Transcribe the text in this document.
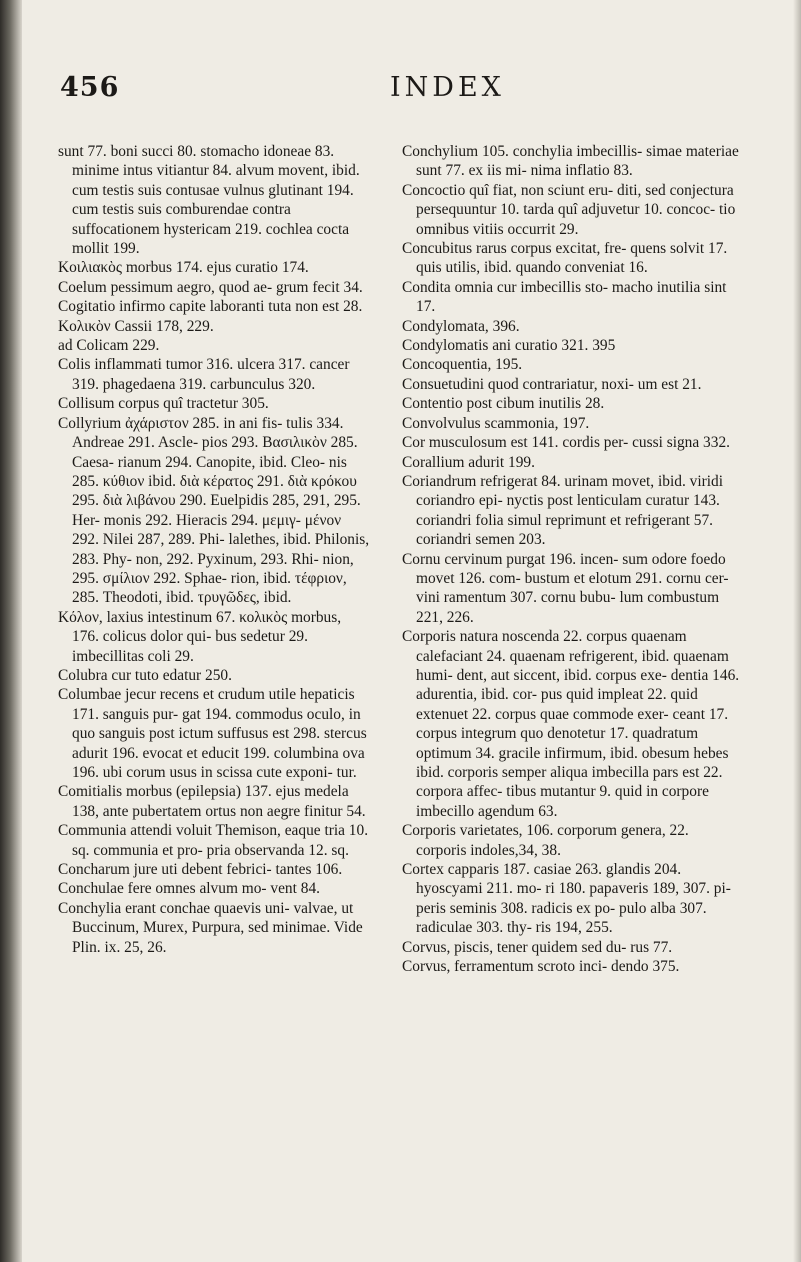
456	INDEX

sunt 77. boni succi 80. stomacho idoneae 83. minime intus vitiantur 84. alvum movent, ibid. cum testis suis contusae vulnus glutinant 194. cum testis suis comburendae contra suffocationem hystericam 219. cochlea cocta mollit 199.

Κοιλιακὸς morbus 174. ejus curatio 174.

Coelum pessimum aegro, quod ae- grum fecit 34.

Cogitatio infirmo capite laboranti tuta non est 28.

Κολικὸν Cassii 178, 229.

ad Colicam 229.

Colis inflammati tumor 316. ulcera 317. cancer 319. phagedaena 319. carbunculus 320.

Collisum corpus quî tractetur 305.

Collyrium ἀχάριστον 285. in ani fis- tulis 334. Andreae 291. Ascle- pios 293. Βασιλικὸν 285. Caesa- rianum 294. Canopite, ibid. Cleo- nis 285. κύθιον ibid. διὰ κέρατος 291. διὰ κρόκου 295. διὰ λιβάνου 290. Euelpidis 285, 291, 295. Her- monis 292. Hieracis 294. μεμιγ- μένον 292. Nilei 287, 289. Phi- lalethes, ibid. Philonis, 283. Phy- non, 292. Pyxinum, 293. Rhi- nion, 295. σμίλιον 292. Sphae- rion, ibid. τέφριον, 285. Theodoti, ibid. τρυγῶδες, ibid.

Κόλον, laxius intestinum 67. κολικὸς morbus, 176. colicus dolor qui- bus sedetur 29. imbecillitas coli 29.

Colubra cur tuto edatur 250.

Columbae jecur recens et crudum utile hepaticis 171. sanguis pur- gat 194. commodus oculo, in quo sanguis post ictum suffusus est 298. stercus adurit 196. evocat et educit 199. columbina ova 196. ubi corum usus in scissa cute exponi- tur.

Comitialis morbus (epilepsia) 137. ejus medela 138, ante pubertatem ortus non aegre finitur 54.

Communia attendi voluit Themison, eaque tria 10. sq. communia et pro- pria observanda 12. sq.

Concharum jure uti debent febrici- tantes 106.

Conchulae fere omnes alvum mo- vent 84.

Conchylia erant conchae quaevis uni- valvae, ut Buccinum, Murex, Purpura, sed minimae. Vide Plin. ix. 25, 26.

Conchylium 105. conchylia imbecillis- simae materiae sunt 77. ex iis mi- nima inflatio 83.

Concoctio quî fiat, non sciunt eru- diti, sed conjectura persequuntur 10. tarda quî adjuvetur 10. concoc- tio omnibus vitiis occurrit 29.

Concubitus rarus corpus excitat, fre- quens solvit 17. quis utilis, ibid. quando conveniat 16.

Condita omnia cur imbecillis sto- macho inutilia sint 17.

Condylomata, 396.

Condylomatis ani curatio 321. 395

Concoquentia, 195.

Consuetudini quod contrariatur, noxi- um est 21.

Contentio post cibum inutilis 28.

Convolvulus scammonia, 197.

Cor musculosum est 141. cordis per- cussi signa 332.

Corallium adurit 199.

Coriandrum refrigerat 84. urinam movet, ibid. viridi coriandro epi- nyctis post lenticulam curatur 143. coriandri folia simul reprimunt et refrigerant 57. coriandri semen 203.

Cornu cervinum purgat 196. incen- sum odore foedo movet 126. com- bustum et elotum 291. cornu cer- vini ramentum 307. cornu bubu- lum combustum 221, 226.

Corporis natura noscenda 22. corpus quaenam calefaciant 24. quaenam refrigerent, ibid. quaenam humi- dent, aut siccent, ibid. corpus exe- dentia 146. adurentia, ibid. cor- pus quid impleat 22. quid extenuet 22. corpus quae commode exer- ceant 17. corpus integrum quo denotetur 17. quadratum optimum 34. gracile infirmum, ibid. obesum hebes ibid. corporis semper aliqua imbecilla pars est 22. corpora affec- tibus mutantur 9. quid in corpore imbecillo agendum 63.

Corporis varietates, 106. corporum genera, 22. corporis indoles,34, 38.

Cortex capparis 187. casiae 263. glandis 204. hyoscyami 211. mo- ri 180. papaveris 189, 307. pi- peris seminis 308. radicis ex po- pulo alba 307. radiculae 303. thy- ris 194, 255.

Corvus, piscis, tener quidem sed du- rus 77.

Corvus, ferramentum scroto inci- dendo 375.
